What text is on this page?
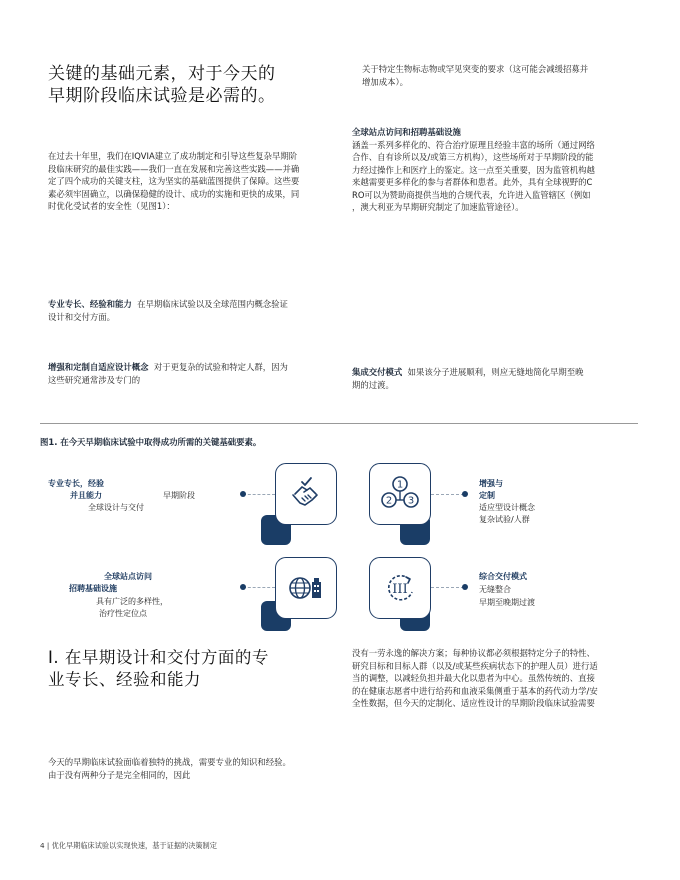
关键的基础元素，对于今天的
早期阶段临床试验是必需的。
在过去十年里，我们在IQVIA建立了成功制定和引导这些复杂早期阶
段临床研究的最佳实践——我们一直在发展和完善这些实践——并确
定了四个成功的关键支柱，这为坚实的基础蓝图提供了保障。这些要
素必须牢固确立，以确保稳健的设计、成功的实施和更快的成果，同
时优化受试者的安全性（见图1）：
专业专长、经验和能力 在早期临床试验以及全球范围内概念验证
设计和交付方面。
增强和定制自适应设计概念 对于更复杂的试验和特定人群，因为
这些研究通常涉及专门的
关于特定生物标志物或罕见突变的要求（这可能会减缓招募并
增加成本）。
全球站点访问和招聘基础设施
涵盖一系列多样化的、符合治疗原理且经验丰富的场所（通过网络
合作、自有诊所以及/或第三方机构），这些场所对于早期阶段的能
力经过操作上和医疗上的鉴定。这一点至关重要，因为监管机构越
来越需要更多样化的参与者群体和患者。此外，具有全球视野的C
RO可以为赞助商提供当地的合规代表，允许进入监管辖区（例如
，澳大利亚为早期研究制定了加速监管途径）。
集成交付模式 如果该分子进展顺利，则应无缝地简化早期至晚
期的过渡。
图1. 在今天早期临床试验中取得成功所需的关键基础要素。
1
2 3
III
专业专长，经验
并且能力	早期阶段
全球设计与交付
增强与
定制
适应型设计概念
复杂试验/人群
全球站点访问
招聘基础设施
具有广泛的多样性，
治疗性定位点
综合交付模式
无缝整合
早期至晚期过渡
I. 在早期设计和交付方面的专
业专长、经验和能力
今天的早期临床试验面临着独特的挑战，需要专业的知识和经验。
由于没有两种分子是完全相同的，因此
没有一劳永逸的解决方案；每种协议都必须根据特定分子的特性、
研究目标和目标人群（以及/或某些疾病状态下的护理人员）进行适
当的调整，以减轻负担并最大化以患者为中心。虽然传统的、直接
的在健康志愿者中进行给药和血液采集侧重于基本的药代动力学/安
全性数据，但今天的定制化、适应性设计的早期阶段临床试验需要
4 | 优化早期临床试验以实现快速，基于证据的决策制定
